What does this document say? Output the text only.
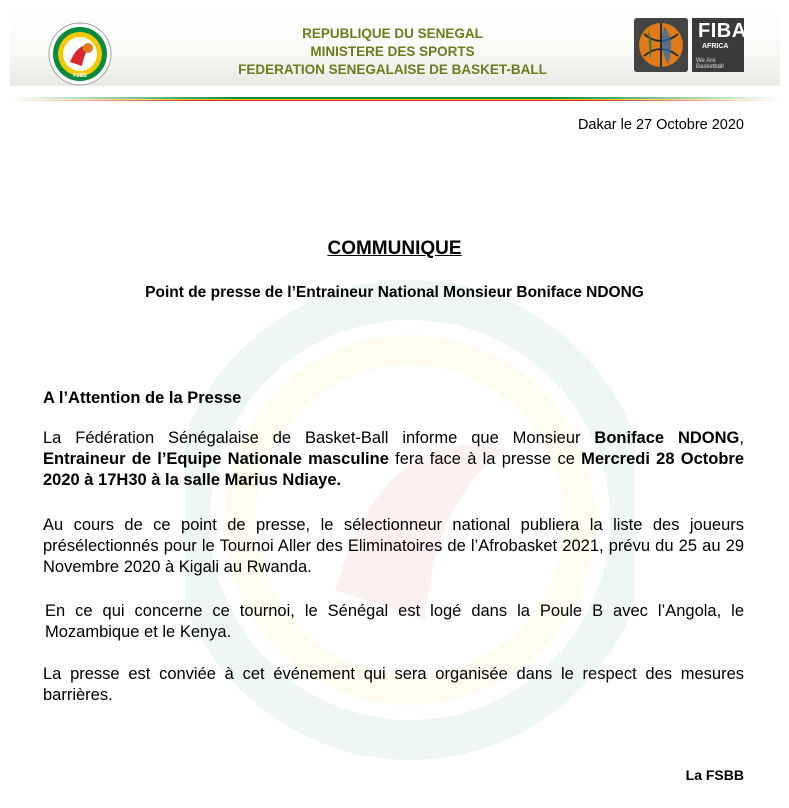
FSBB
REPUBLIQUE DU SENEGAL
MINISTERE DES SPORTS
FEDERATION SENEGALAISE DE BASKET-BALL
FIBA
AFRICA
We Are Basketball
Dakar le 27 Octobre 2020
COMMUNIQUE
Point de presse de l’Entraineur National Monsieur Boniface NDONG
A l’Attention de la Presse
La Fédération Sénégalaise de Basket-Ball informe que Monsieur Boniface NDONG, Entraineur de l’Equipe Nationale masculine fera face à la presse ce Mercredi 28 Octobre 2020 à 17H30 à la salle Marius Ndiaye.
Au cours de ce point de presse, le sélectionneur national publiera la liste des joueurs présélectionnés pour le Tournoi Aller des Eliminatoires de l’Afrobasket 2021, prévu du 25 au 29 Novembre 2020 à Kigali au Rwanda.
En ce qui concerne ce tournoi, le Sénégal est logé dans la Poule B avec l’Angola, le Mozambique et le Kenya.
La presse est conviée à cet événement qui sera organisée dans le respect des mesures barrières.
La FSBB
